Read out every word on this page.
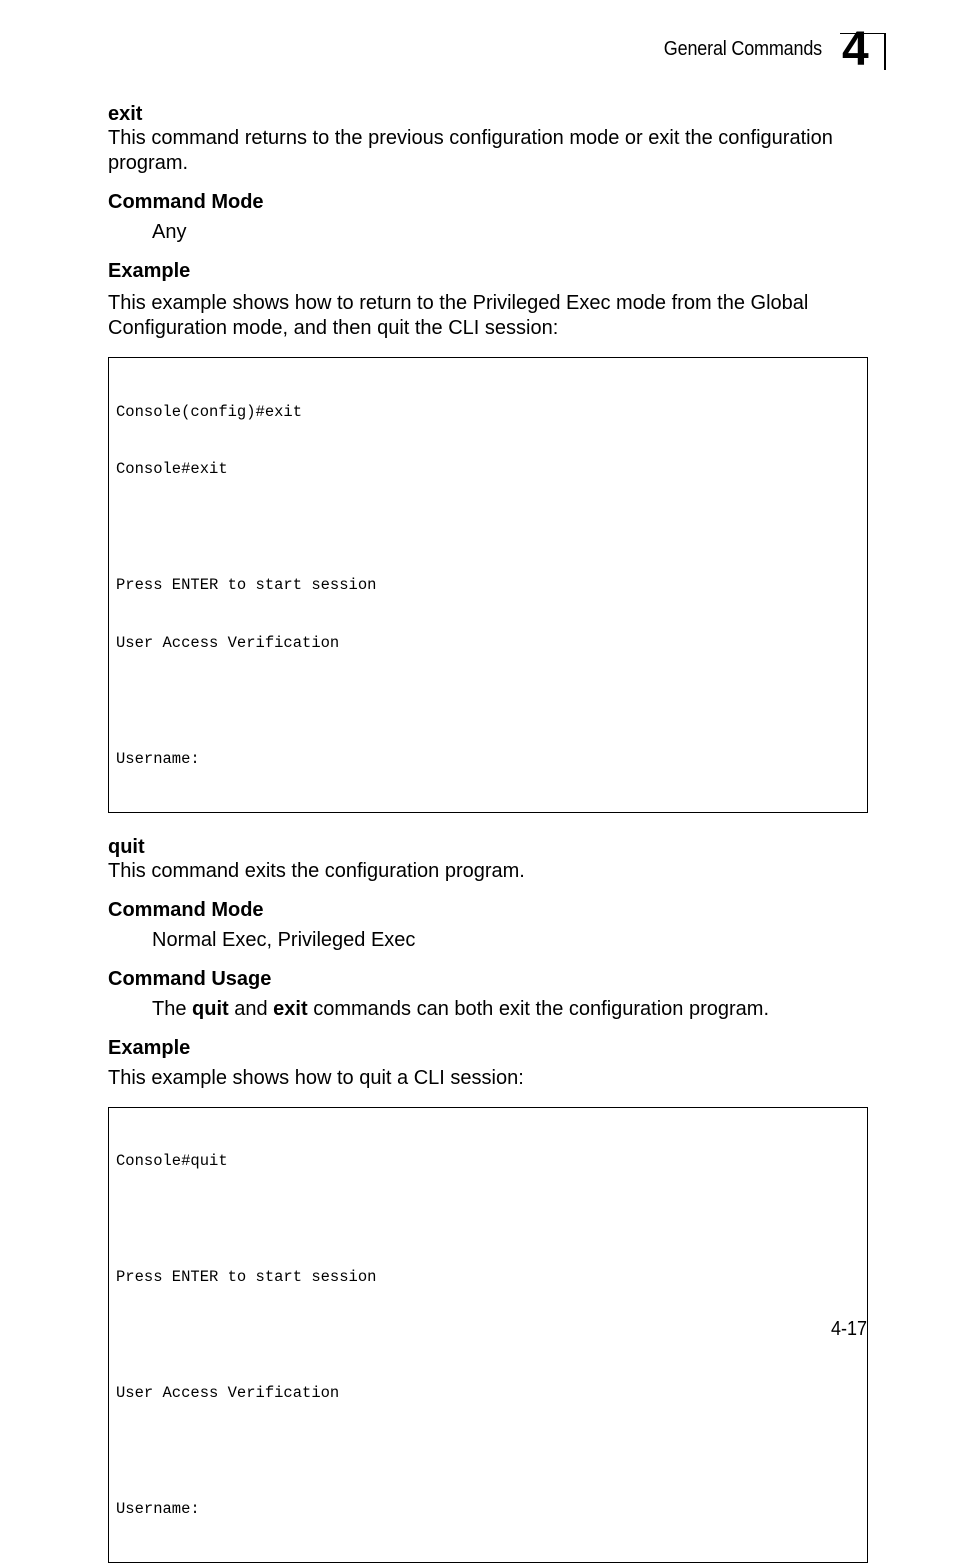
General Commands 4

exit

This command returns to the previous configuration mode or exit the configuration program.

Command Mode

Any

Example

This example shows how to return to the Privileged Exec mode from the Global Configuration mode, and then quit the CLI session:

Console(config)#exit

Console#exit

Press ENTER to start session

User Access Verification

Username:

quit

This command exits the configuration program.

Command Mode

Normal Exec, Privileged Exec

Command Usage

The quit and exit commands can both exit the configuration program.

Example

This example shows how to quit a CLI session:

Console#quit

Press ENTER to start session

User Access Verification

Username:

4-17
